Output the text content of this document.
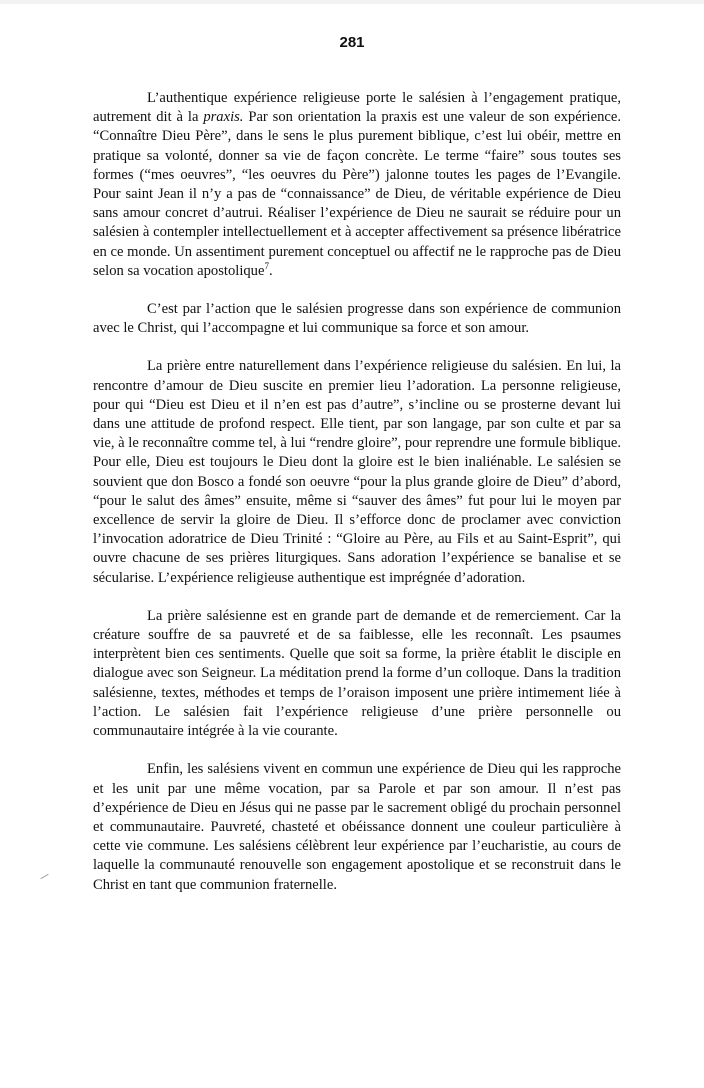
281

L’authentique expérience religieuse porte le salésien à l’engagement pratique, autrement dit à la praxis. Par son orientation la praxis est une valeur de son expérience. “Connaître Dieu Père”, dans le sens le plus purement biblique, c’est lui obéir, mettre en pratique sa volonté, donner sa vie de façon concrète. Le terme “faire” sous toutes ses formes (“mes oeuvres”, “les oeuvres du Père”) jalonne toutes les pages de l’Evangile. Pour saint Jean il n’y a pas de “connaissance” de Dieu, de véritable expérience de Dieu sans amour concret d’autrui. Réaliser l’expérience de Dieu ne saurait se réduire pour un salésien à contempler intellectuellement et à accepter affectivement sa présence libératrice en ce monde. Un assentiment purement conceptuel ou affectif ne le rapproche pas de Dieu selon sa vocation apostolique$^7$.

C’est par l’action que le salésien progresse dans son expérience de communion avec le Christ, qui l’accompagne et lui communique sa force et son amour.

La prière entre naturellement dans l’expérience religieuse du salésien. En lui, la rencontre d’amour de Dieu suscite en premier lieu l’adoration. La personne religieuse, pour qui “Dieu est Dieu et il n’en est pas d’autre”, s’incline ou se prosterne devant lui dans une attitude de profond respect. Elle tient, par son langage, par son culte et par sa vie, à le reconnaître comme tel, à lui “rendre gloire”, pour reprendre une formule biblique. Pour elle, Dieu est toujours le Dieu dont la gloire est le bien inaliénable. Le salésien se souvient que don Bosco a fondé son oeuvre “pour la plus grande gloire de Dieu” d’abord, “pour le salut des âmes” ensuite, même si “sauver des âmes” fut pour lui le moyen par excellence de servir la gloire de Dieu. Il s’efforce donc de proclamer avec conviction l’invocation adoratrice de Dieu Trinité : “Gloire au Père, au Fils et au Saint-Esprit”, qui ouvre chacune de ses prières liturgiques. Sans adoration l’expérience se banalise et se sécularise. L’expérience religieuse authentique est imprégnée d’adoration.

La prière salésienne est en grande part de demande et de remerciement. Car la créature souffre de sa pauvreté et de sa faiblesse, elle les reconnaît. Les psaumes interprètent bien ces sentiments. Quelle que soit sa forme, la prière établit le disciple en dialogue avec son Seigneur. La méditation prend la forme d’un colloque. Dans la tradition salésienne, textes, méthodes et temps de l’oraison imposent une prière intimement liée à l’action. Le salésien fait l’expérience religieuse d’une prière personnelle ou communautaire intégrée à la vie courante.

Enfin, les salésiens vivent en commun une expérience de Dieu qui les rapproche et les unit par une même vocation, par sa Parole et par son amour. Il n’est pas d’expérience de Dieu en Jésus qui ne passe par le sacrement obligé du prochain personnel et communautaire. Pauvreté, chasteté et obéissance donnent une couleur particulière à cette vie commune. Les salésiens célèbrent leur expérience par l’eucharistie, au cours de laquelle la communauté renouvelle son engagement apostolique et se reconstruit dans le Christ en tant que communion fraternelle.
